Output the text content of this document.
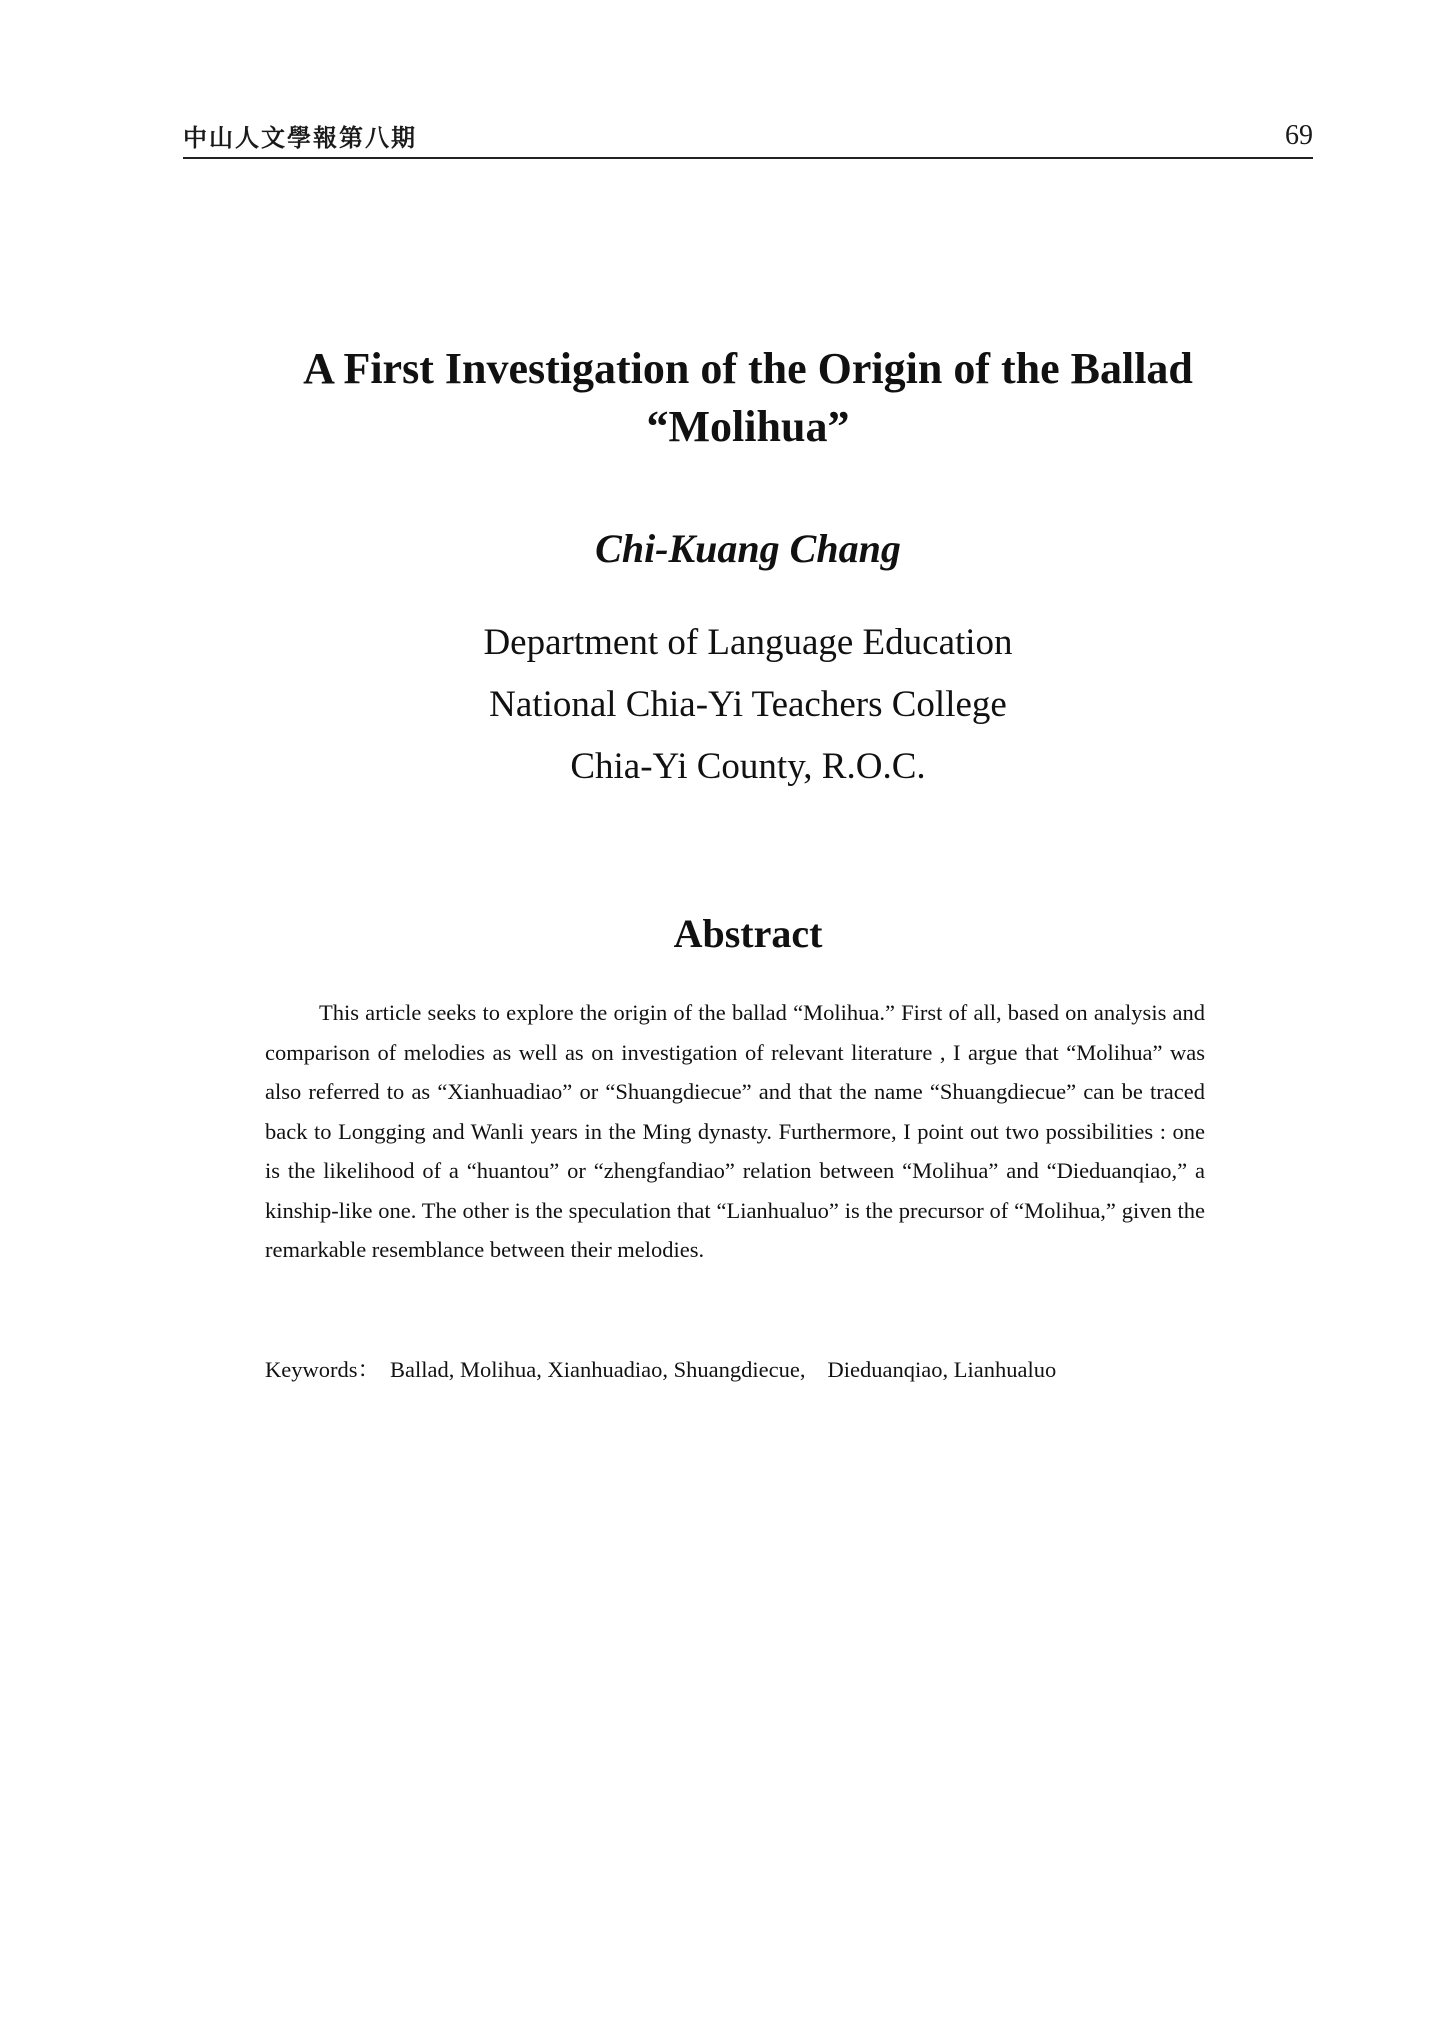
中山人文學報第八期	69
A First Investigation of the Origin of the Ballad
“Molihua”
Chi-Kuang Chang
Department of Language Education
National Chia-Yi Teachers College
Chia-Yi County, R.O.C.
Abstract

This article seeks to explore the origin of the ballad “Molihua.” First of all, based on analysis and comparison of melodies as well as on investigation of relevant literature , I argue that “Molihua” was also referred to as “Xianhuadiao” or “Shuangdiecue” and that the name “Shuangdiecue” can be traced back to Longging and Wanli years in the Ming dynasty. Furthermore, I point out two possibilities : one is the likelihood of a “huantou” or “zhengfandiao” relation between “Molihua” and “Dieduanqiao,” a kinship-like one. The other is the speculation that “Lianhualuo” is the precursor of “Molihua,” given the remarkable resemblance between their melodies.

Keywords： Ballad, Molihua, Xianhuadiao, Shuangdiecue, Dieduanqiao, Lianhualuo
